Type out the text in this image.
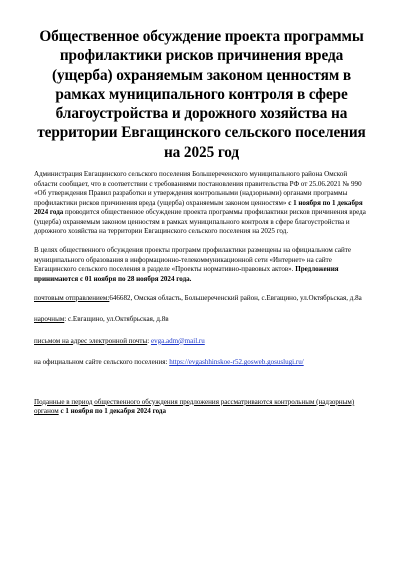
Общественное обсуждение проекта программы профилактики рисков причинения вреда (ущерба) охраняемым законом ценностям в рамках муниципального контроля в сфере благоустройства и дорожного хозяйства на территории Евгащинского сельского поселения на 2025 год

Администрация Евгащинского сельского поселения Большереченского муниципального района Омской области сообщает, что в соответствии с требованиями постановления правительства РФ от 25.06.2021 № 990 «Об утверждения Правил разработки и утверждения контрольными (надзорными) органами программы профилактики рисков причинения вреда (ущерба) охраняемым законом ценностям» с 1 ноября по 1 декабря 2024 года проводится общественное обсуждение проекта программы профилактики рисков причинения вреда (ущерба) охраняемым законом ценностям в рамках муниципального контроля в сфере благоустройства и дорожного хозяйства на территории Евгащинского сельского поселения на 2025 год.

В целях общественного обсуждения проекты программ профилактики размещены на официальном сайте муниципального образования в информационно-телекоммуникационной сети «Интернет» на сайте Евгащинского сельского поселения в разделе «Проекты нормативно-правовых актов». Предложения принимаются с 01 ноября по 28 ноября 2024 года.

почтовым отправлением:646682, Омская область, Большереченский район, с.Евгащино, ул.Октябрьская, д.8а

нарочным: с.Евгащино, ул.Октябрьская, д.8в

письмом на адрес электронной почты: evga.adm@mail.ru

на официальном сайте сельского поселения: https://evgashhinskoe-r52.gosweb.gosuslugi.ru/

Поданные в период общественного обсуждения предложения рассматриваются контрольным (надзорным) органом с 1 ноября по 1 декабря 2024 года
